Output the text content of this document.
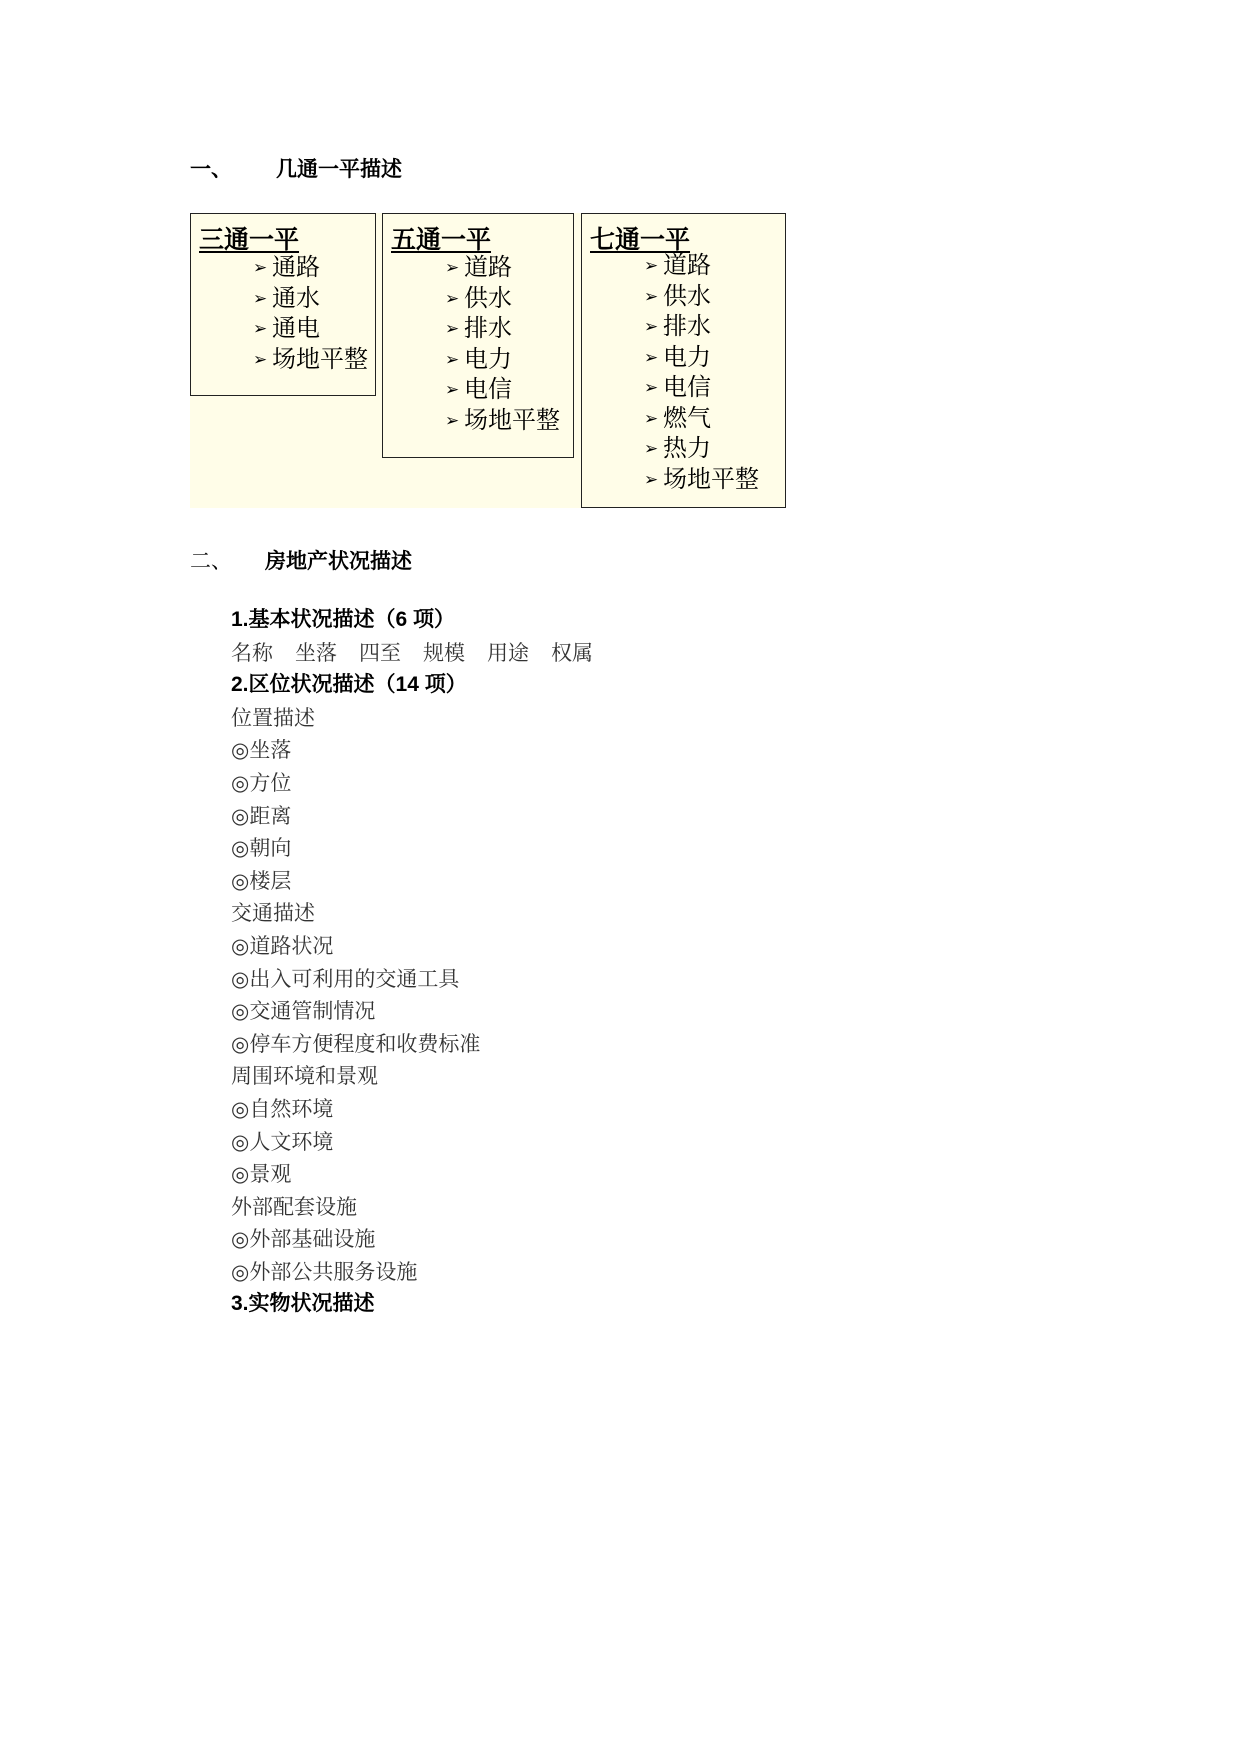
一、 几通一平描述
三通一平
➢ 通路
➢ 通水
➢ 通电
➢ 场地平整
五通一平
➢ 道路
➢ 供水
➢ 排水
➢ 电力
➢ 电信
➢ 场地平整
七通一平
➢ 道路
➢ 供水
➢ 排水
➢ 电力
➢ 电信
➢ 燃气
➢ 热力
➢ 场地平整
二、 房地产状况描述
1.基本状况描述（6 项）
名称 坐落 四至 规模 用途 权属
2.区位状况描述（14 项）
位置描述
◎坐落
◎方位
◎距离
◎朝向
◎楼层
交通描述
◎道路状况
◎出入可利用的交通工具
◎交通管制情况
◎停车方便程度和收费标准
周围环境和景观
◎自然环境
◎人文环境
◎景观
外部配套设施
◎外部基础设施
◎外部公共服务设施
3.实物状况描述
